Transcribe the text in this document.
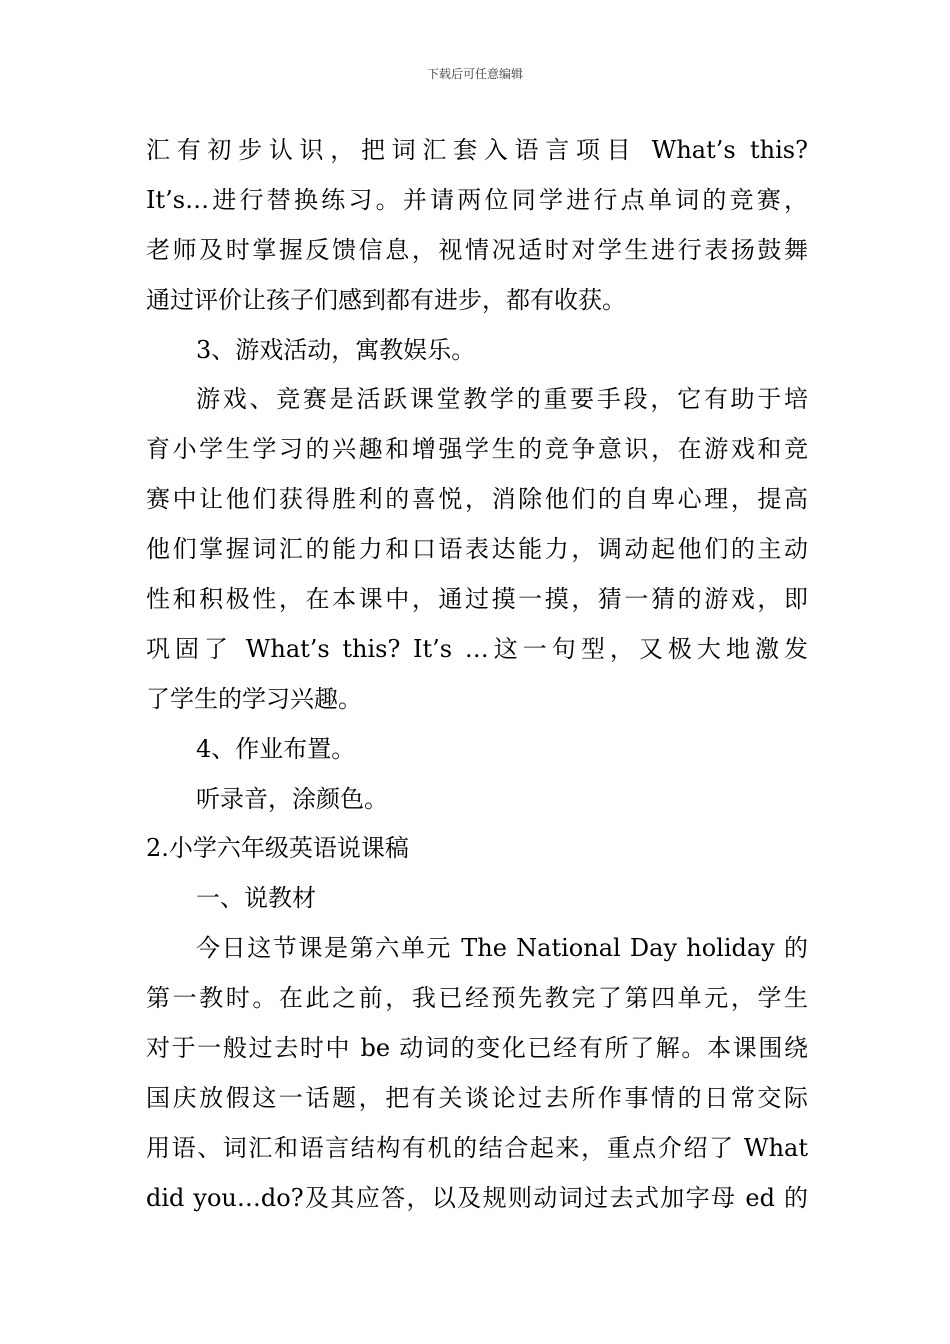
下载后可任意编辑
汇有初步认识，把词汇套入语言项目 What’s this?
It’s…进行替换练习。并请两位同学进行点单词的竞赛，
老师及时掌握反馈信息，视情况适时对学生进行表扬鼓舞
通过评价让孩子们感到都有进步，都有收获。
3、游戏活动，寓教娱乐。
游戏、竞赛是活跃课堂教学的重要手段，它有助于培
育小学生学习的兴趣和增强学生的竞争意识，在游戏和竞
赛中让他们获得胜利的喜悦，消除他们的自卑心理，提高
他们掌握词汇的能力和口语表达能力，调动起他们的主动
性和积极性，在本课中，通过摸一摸，猜一猜的游戏，即
巩固了 What’s this? It’s …这一句型，又极大地激发
了学生的学习兴趣。
4、作业布置。
听录音，涂颜色。
2.小学六年级英语说课稿
一、说教材
今日这节课是第六单元 The National Day holiday 的
第一教时。在此之前，我已经预先教完了第四单元，学生
对于一般过去时中 be 动词的变化已经有所了解。本课围绕
国庆放假这一话题，把有关谈论过去所作事情的日常交际
用语、词汇和语言结构有机的结合起来，重点介绍了 What
did you…do?及其应答，以及规则动词过去式加字母 ed 的
